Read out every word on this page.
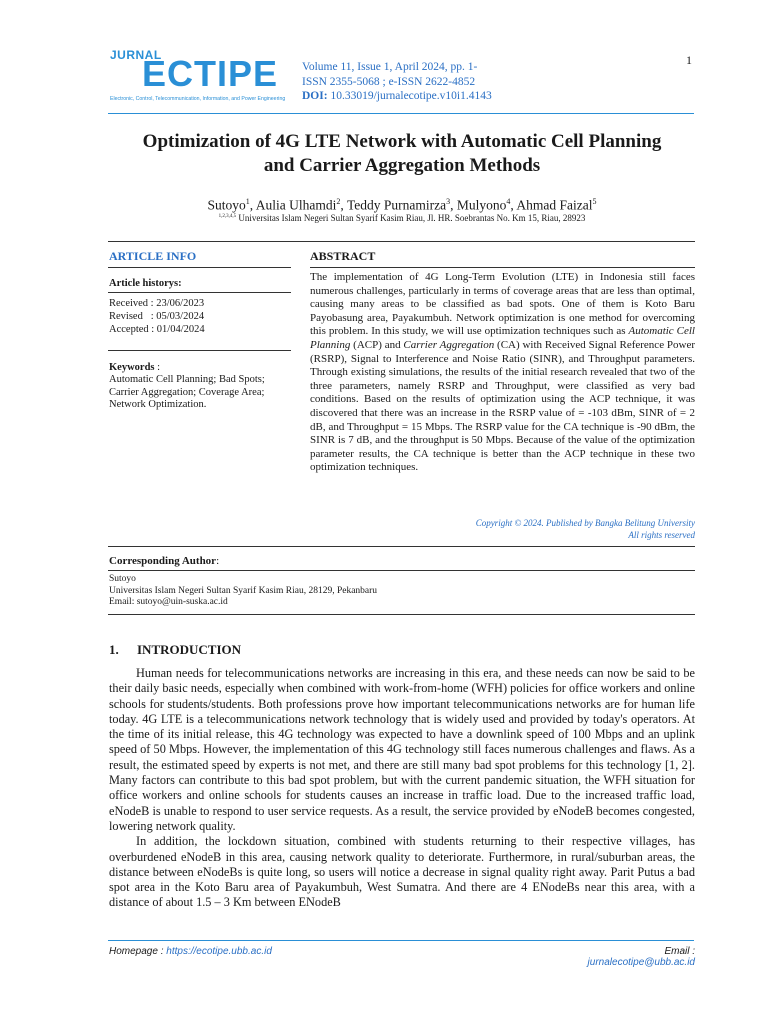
1
JURNAL
ECTIPE
Electronic, Control, Telecommunication, Information, and Power Engineering
Volume 11, Issue 1, April 2024, pp. 1-
ISSN 2355-5068 ; e-ISSN 2622-4852
DOI: 10.33019/jurnalecotipe.v10i1.4143
Optimization of 4G LTE Network with Automatic Cell Planning
and Carrier Aggregation Methods
Sutoyo$^1$, Aulia Ulhamdi$^2$, Teddy Purnamirza$^3$, Mulyono$^4$, Ahmad Faizal$^5$
$^{1,2,3,4,5}$ Universitas Islam Negeri Sultan Syarif Kasim Riau, Jl. HR. Soebrantas No. Km 15, Riau, 28923
ARTICLE INFO	ABSTRACT
Article historys:
Received : 23/06/2023
Revised   : 05/03/2024
Accepted : 01/04/2024
Keywords :
Automatic Cell Planning; Bad Spots;
Carrier Aggregation; Coverage Area;
Network Optimization.
The implementation of 4G Long-Term Evolution (LTE) in Indonesia still faces numerous challenges, particularly in terms of coverage areas that are less than optimal, causing many areas to be classified as bad spots. One of them is Koto Baru Payobasung area, Payakumbuh. Network optimization is one method for overcoming this problem. In this study, we will use optimization techniques such as Automatic Cell Planning (ACP) and Carrier Aggregation (CA) with Received Signal Reference Power (RSRP), Signal to Interference and Noise Ratio (SINR), and Throughput parameters. Through existing simulations, the results of the initial research revealed that two of the three parameters, namely RSRP and Throughput, were classified as very bad conditions. Based on the results of optimization using the ACP technique, it was discovered that there was an increase in the RSRP value of = -103 dBm, SINR of = 2 dB, and Throughput = 15 Mbps. The RSRP value for the CA technique is -90 dBm, the SINR is 7 dB, and the throughput is 50 Mbps. Because of the value of the optimization parameter results, the CA technique is better than the ACP technique in these two optimization techniques.
Copyright © 2024. Published by Bangka Belitung University
All rights reserved
Corresponding Author:
Sutoyo
Universitas Islam Negeri Sultan Syarif Kasim Riau, 28129, Pekanbaru
Email: sutoyo@uin-suska.ac.id
1. INTRODUCTION

Human needs for telecommunications networks are increasing in this era, and these needs can now be said to be their daily basic needs, especially when combined with work-from-home (WFH) policies for office workers and online schools for students/students. Both professions prove how important telecommunications networks are for human life today. 4G LTE is a telecommunications network technology that is widely used and provided by today's operators. At the time of its initial release, this 4G technology was expected to have a downlink speed of 100 Mbps and an uplink speed of 50 Mbps. However, the implementation of this 4G technology still faces numerous challenges and flaws. As a result, the estimated speed by experts is not met, and there are still many bad spot problems for this technology [1, 2]. Many factors can contribute to this bad spot problem, but with the current pandemic situation, the WFH situation for office workers and online schools for students causes an increase in traffic load. Due to the increased traffic load, eNodeB is unable to respond to user service requests. As a result, the service provided by eNodeB becomes congested, lowering network quality.

In addition, the lockdown situation, combined with students returning to their respective villages, has overburdened eNodeB in this area, causing network quality to deteriorate. Furthermore, in rural/suburban areas, the distance between eNodeBs is quite long, so users will notice a decrease in signal quality right away. Parit Putus a bad spot area in the Koto Baru area of Payakumbuh, West Sumatra. And there are 4 ENodeBs near this area, with a distance of about 1.5 – 3 Km between ENodeB

Homepage : https://ecotipe.ubb.ac.id	Email : jurnalecotipe@ubb.ac.id
